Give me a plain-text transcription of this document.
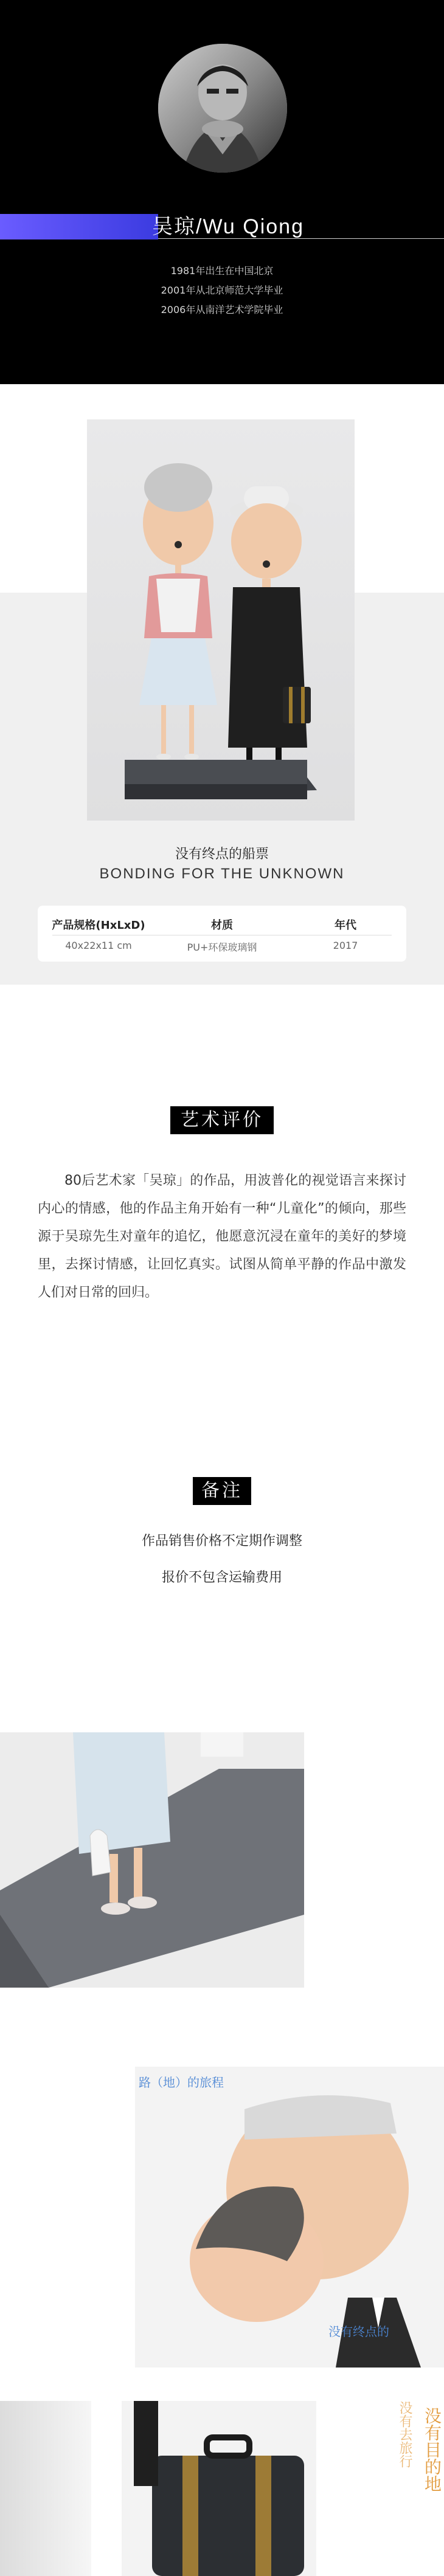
吴琼/Wu Qiong
1981年出生在中国北京
2001年从北京师范大学毕业
2006年从南洋艺术学院毕业
没有终点的船票
BONDING FOR THE UNKNOWN
产品规格(HxLxD)
40x22x11 cm
材质
PU+环保玻璃钢
年代
2017
艺术评价
80后艺术家「吴琼」的作品，用波普化的视觉语言来探讨内心的情感，他的作品主角开始有一种“儿童化”的倾向，那些源于吴琼先生对童年的追忆，他愿意沉浸在童年的美好的梦境里，去探讨情感，让回忆真实。试图从简单平静的作品中激发人们对日常的回归。
备注
作品销售价格不定期作调整
报价不包含运输费用
路（地）的旅程
没有终点的
没有目的地
没有去旅行
